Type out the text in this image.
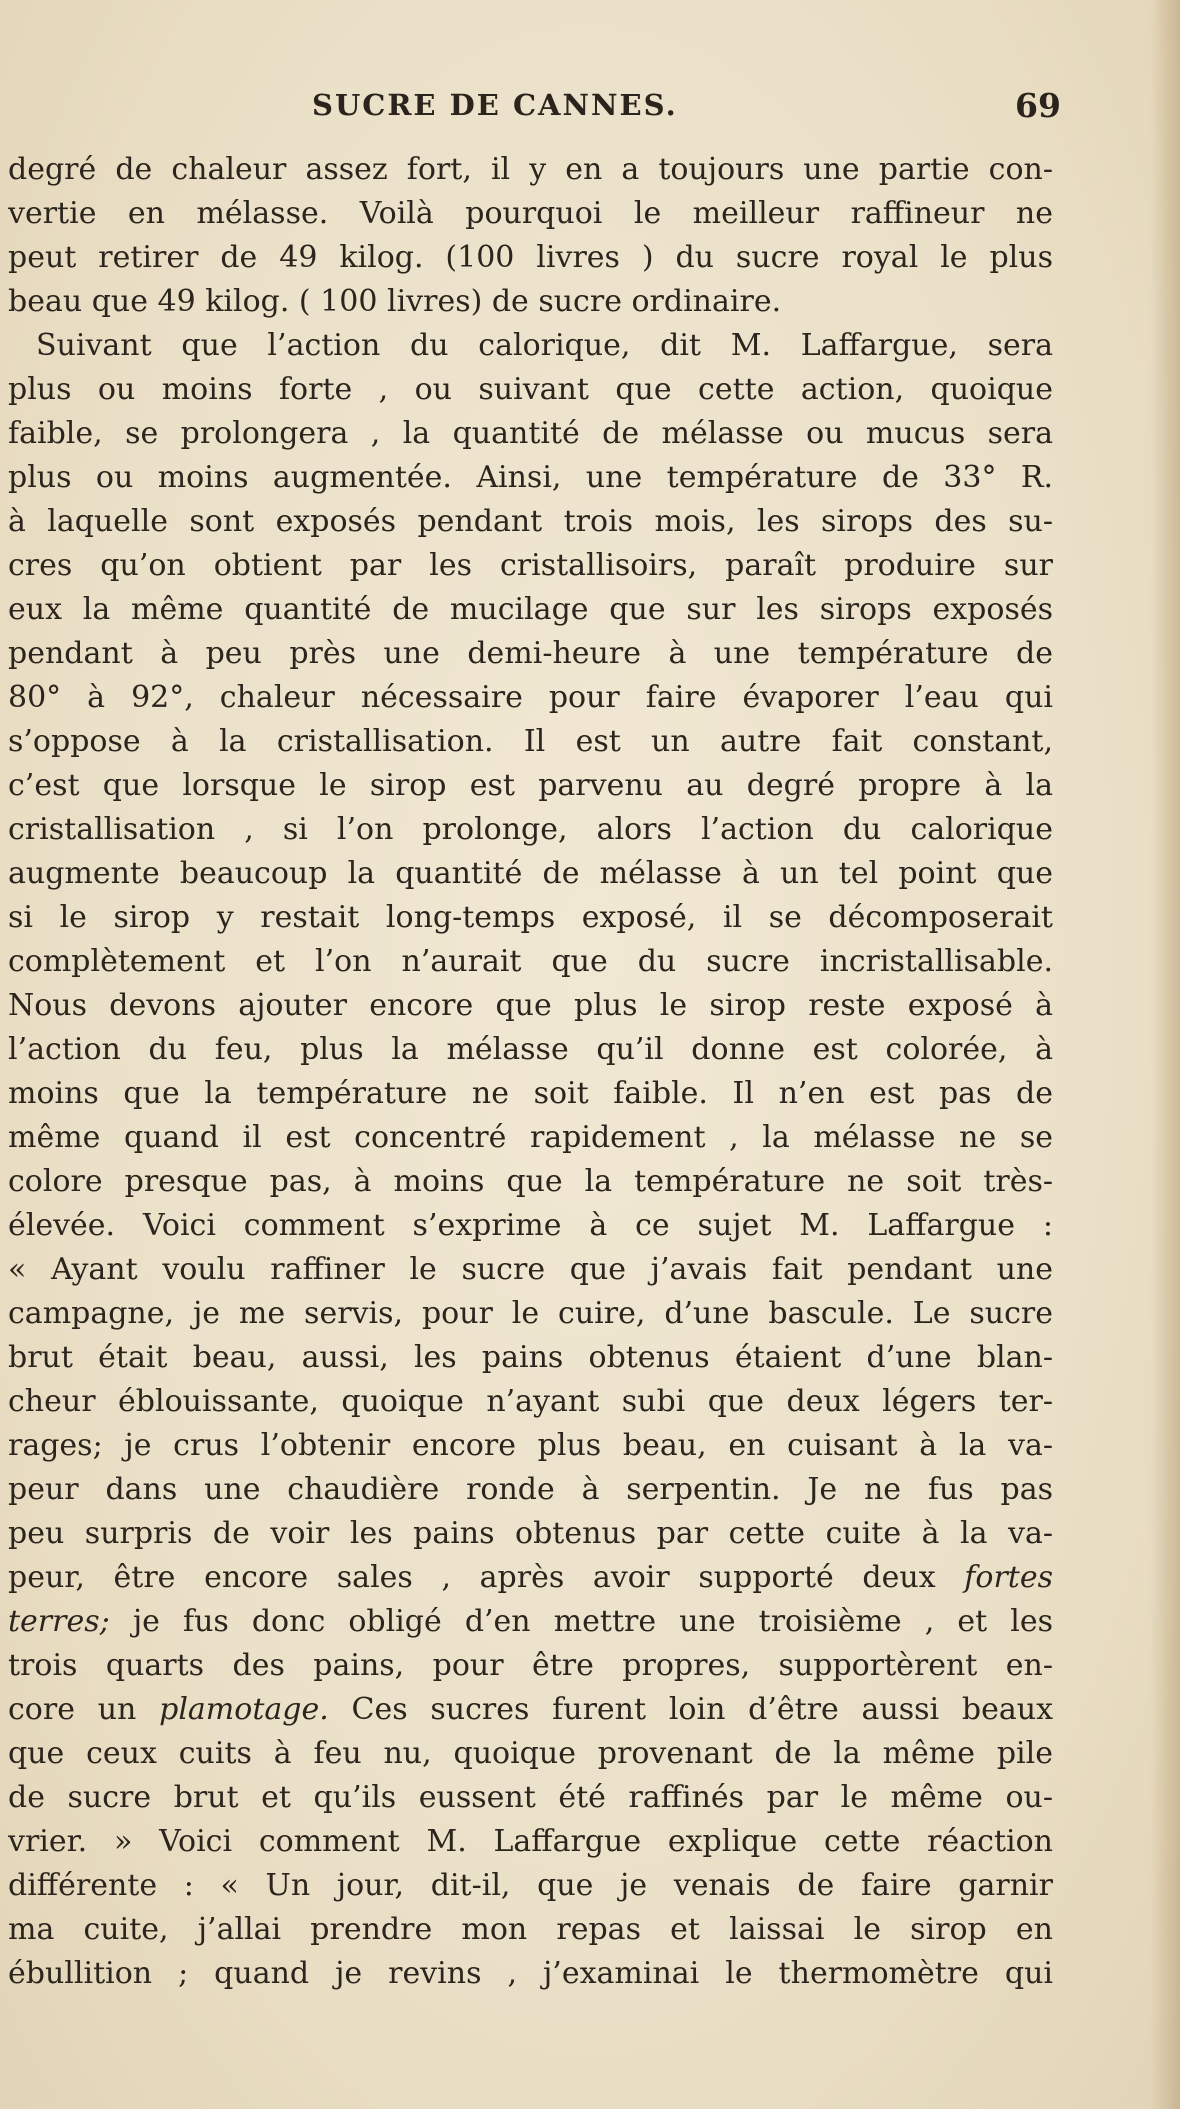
SUCRE DE CANNES.	69
degré de chaleur assez fort, il y en a toujours une partie con-
vertie en mélasse. Voilà pourquoi le meilleur raffineur ne
peut retirer de 49 kilog. (100 livres ) du sucre royal le plus
beau que 49 kilog. ( 100 livres) de sucre ordinaire.
Suivant que l’action du calorique, dit M. Laffargue, sera
plus ou moins forte , ou suivant que cette action, quoique
faible, se prolongera , la quantité de mélasse ou mucus sera
plus ou moins augmentée. Ainsi, une température de 33° R.
à laquelle sont exposés pendant trois mois, les sirops des su-
cres qu’on obtient par les cristallisoirs, paraît produire sur
eux la même quantité de mucilage que sur les sirops exposés
pendant à peu près une demi-heure à une température de
80° à 92°, chaleur nécessaire pour faire évaporer l’eau qui
s’oppose à la cristallisation. Il est un autre fait constant,
c’est que lorsque le sirop est parvenu au degré propre à la
cristallisation , si l’on prolonge, alors l’action du calorique
augmente beaucoup la quantité de mélasse à un tel point que
si le sirop y restait long-temps exposé, il se décomposerait
complètement et l’on n’aurait que du sucre incristallisable.
Nous devons ajouter encore que plus le sirop reste exposé à
l’action du feu, plus la mélasse qu’il donne est colorée, à
moins que la température ne soit faible. Il n’en est pas de
même quand il est concentré rapidement , la mélasse ne se
colore presque pas, à moins que la température ne soit très-
élevée. Voici comment s’exprime à ce sujet M. Laffargue :
« Ayant voulu raffiner le sucre que j’avais fait pendant une
campagne, je me servis, pour le cuire, d’une bascule. Le sucre
brut était beau, aussi, les pains obtenus étaient d’une blan-
cheur éblouissante, quoique n’ayant subi que deux légers ter-
rages; je crus l’obtenir encore plus beau, en cuisant à la va-
peur dans une chaudière ronde à serpentin. Je ne fus pas
peu surpris de voir les pains obtenus par cette cuite à la va-
peur, être encore sales , après avoir supporté deux fortes
terres; je fus donc obligé d’en mettre une troisième , et les
trois quarts des pains, pour être propres, supportèrent en-
core un plamotage. Ces sucres furent loin d’être aussi beaux
que ceux cuits à feu nu, quoique provenant de la même pile
de sucre brut et qu’ils eussent été raffinés par le même ou-
vrier. » Voici comment M. Laffargue explique cette réaction
différente : « Un jour, dit-il, que je venais de faire garnir
ma cuite, j’allai prendre mon repas et laissai le sirop en
ébullition ; quand je revins , j’examinai le thermomètre qui
